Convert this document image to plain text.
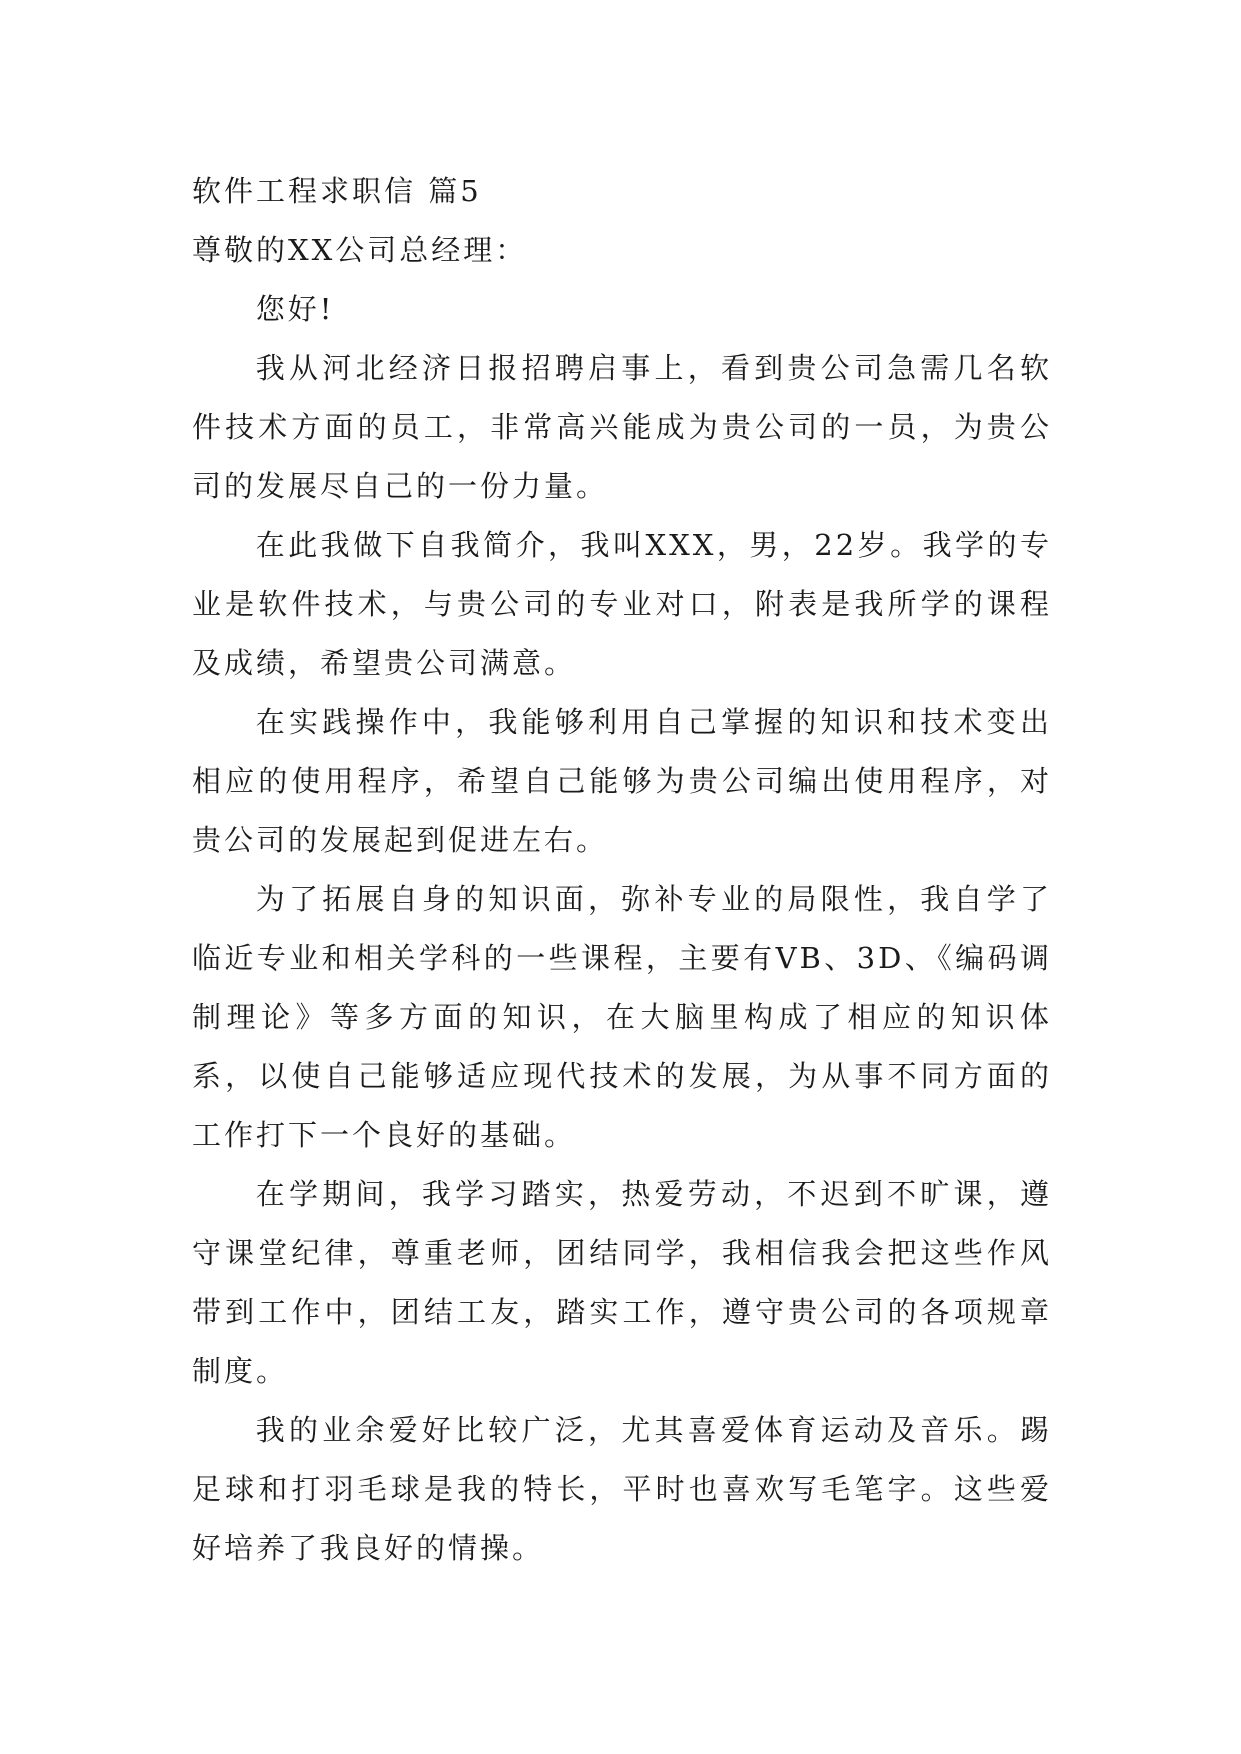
软件工程求职信 篇5

尊敬的XX公司总经理：

您好!

我从河北经济日报招聘启事上，看到贵公司急需几名软件技术方面的员工，非常高兴能成为贵公司的一员，为贵公司的发展尽自己的一份力量。

在此我做下自我简介，我叫XXX，男，22岁。我学的专业是软件技术，与贵公司的专业对口，附表是我所学的课程及成绩，希望贵公司满意。

在实践操作中，我能够利用自己掌握的知识和技术变出相应的使用程序，希望自己能够为贵公司编出使用程序，对贵公司的发展起到促进左右。

为了拓展自身的知识面，弥补专业的局限性，我自学了临近专业和相关学科的一些课程，主要有VB、3D、《编码调制理论》等多方面的知识，在大脑里构成了相应的知识体系，以使自己能够适应现代技术的发展，为从事不同方面的工作打下一个良好的基础。

在学期间，我学习踏实，热爱劳动，不迟到不旷课，遵守课堂纪律，尊重老师，团结同学，我相信我会把这些作风带到工作中，团结工友，踏实工作，遵守贵公司的各项规章制度。

我的业余爱好比较广泛，尤其喜爱体育运动及音乐。踢足球和打羽毛球是我的特长，平时也喜欢写毛笔字。这些爱好培养了我良好的情操。
